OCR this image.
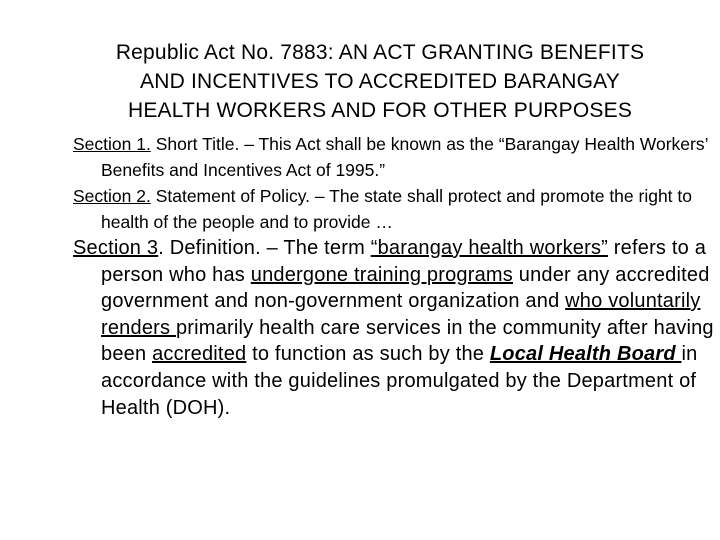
Republic Act No. 7883: AN ACT GRANTING BENEFITS
AND INCENTIVES TO ACCREDITED BARANGAY
HEALTH WORKERS AND FOR OTHER PURPOSES
Section 1. Short Title. – This Act shall be known as the “Barangay Health Workers’ Benefits and Incentives Act of 1995.”
Section 2. Statement of Policy. – The state shall protect and promote the right to health of the people and to provide …
Section 3. Definition. – The term “barangay health workers” refers to a person who has undergone training programs under any accredited government and non-government organization and who voluntarily renders primarily health care services in the community after having been accredited to function as such by the Local Health Board in accordance with the guidelines promulgated by the Department of Health (DOH).
